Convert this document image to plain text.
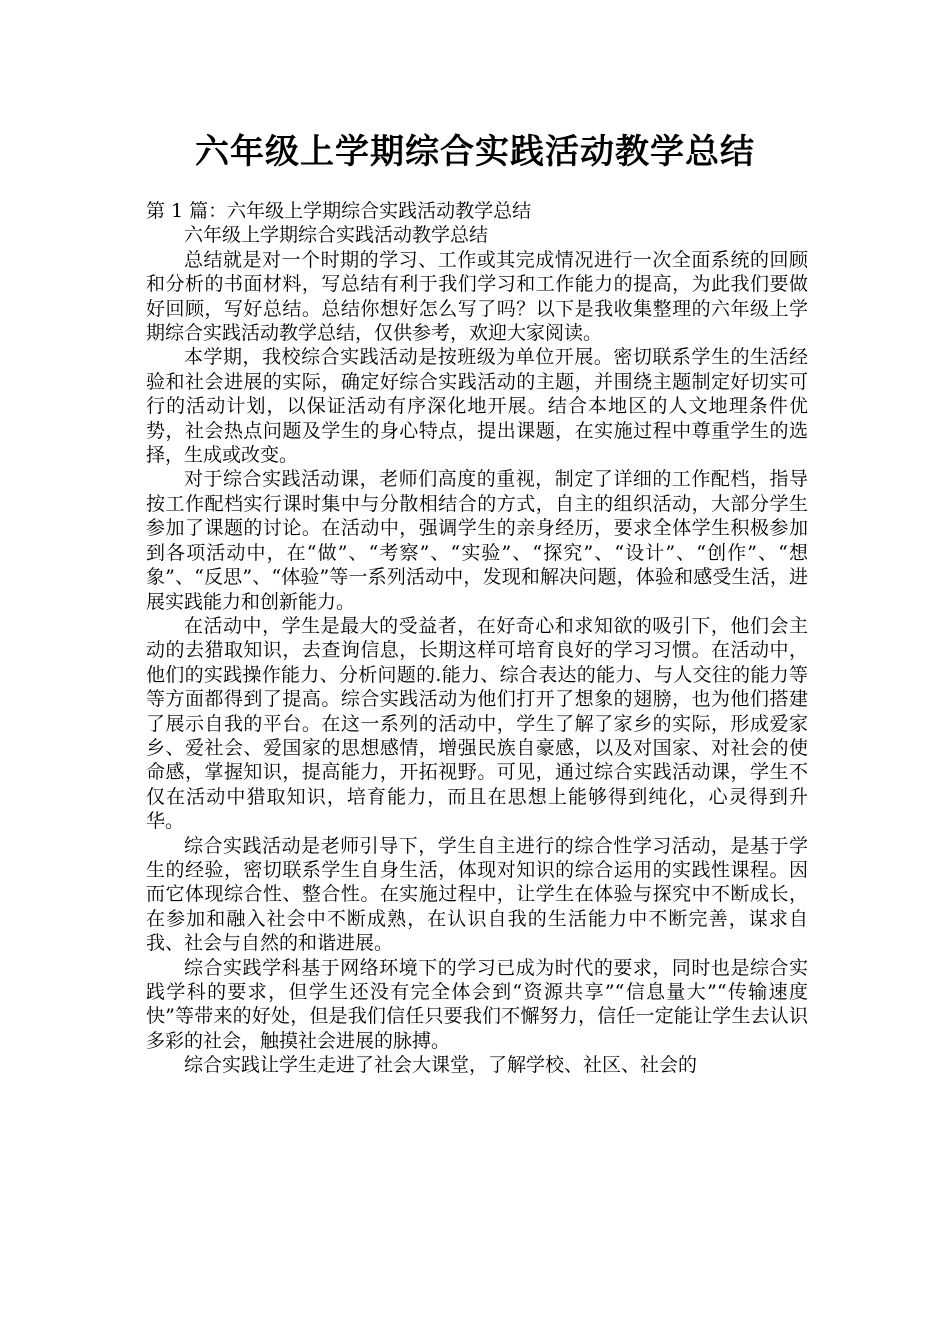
六年级上学期综合实践活动教学总结

第 1 篇：六年级上学期综合实践活动教学总结

六年级上学期综合实践活动教学总结

总结就是对一个时期的学习、工作或其完成情况进行一次全面系统的回顾和分析的书面材料，写总结有利于我们学习和工作能力的提高，为此我们要做好回顾，写好总结。总结你想好怎么写了吗？以下是我收集整理的六年级上学期综合实践活动教学总结，仅供参考，欢迎大家阅读。

本学期，我校综合实践活动是按班级为单位开展。密切联系学生的生活经验和社会进展的实际，确定好综合实践活动的主题，并围绕主题制定好切实可行的活动计划，以保证活动有序深化地开展。结合本地区的人文地理条件优势，社会热点问题及学生的身心特点，提出课题，在实施过程中尊重学生的选择，生成或改变。

对于综合实践活动课，老师们高度的重视，制定了详细的工作配档，指导按工作配档实行课时集中与分散相结合的方式，自主的组织活动，大部分学生参加了课题的讨论。在活动中，强调学生的亲身经历，要求全体学生积极参加到各项活动中，在“做”、“考察”、“实验”、“探究”、“设计”、“创作”、“想象”、“反思”、“体验”等一系列活动中，发现和解决问题，体验和感受生活，进展实践能力和创新能力。

在活动中，学生是最大的受益者，在好奇心和求知欲的吸引下，他们会主动的去猎取知识，去查询信息，长期这样可培育良好的学习习惯。在活动中，他们的实践操作能力、分析问题的.能力、综合表达的能力、与人交往的能力等等方面都得到了提高。综合实践活动为他们打开了想象的翅膀，也为他们搭建了展示自我的平台。在这一系列的活动中，学生了解了家乡的实际，形成爱家乡、爱社会、爱国家的思想感情，增强民族自豪感，以及对国家、对社会的使命感，掌握知识，提高能力，开拓视野。可见，通过综合实践活动课，学生不仅在活动中猎取知识，培育能力，而且在思想上能够得到纯化，心灵得到升华。

综合实践活动是老师引导下，学生自主进行的综合性学习活动，是基于学生的经验，密切联系学生自身生活，体现对知识的综合运用的实践性课程。因而它体现综合性、整合性。在实施过程中，让学生在体验与探究中不断成长，在参加和融入社会中不断成熟，在认识自我的生活能力中不断完善，谋求自我、社会与自然的和谐进展。

综合实践学科基于网络环境下的学习已成为时代的要求，同时也是综合实践学科的要求，但学生还没有完全体会到“资源共享”“信息量大”“传输速度快”等带来的好处，但是我们信任只要我们不懈努力，信任一定能让学生去认识多彩的社会，触摸社会进展的脉搏。

综合实践让学生走进了社会大课堂，了解学校、社区、社会的
